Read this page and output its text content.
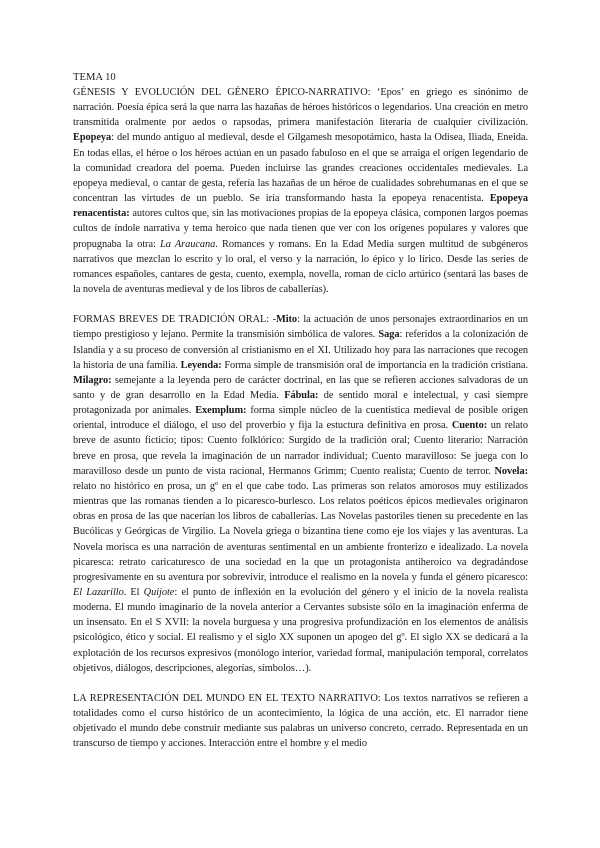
TEMA 10

GÉNESIS Y EVOLUCIÓN DEL GÉNERO ÉPICO-NARRATIVO: ‘Epos’ en griego es sinónimo de narración. Poesía épica será la que narra las hazañas de héroes históricos o legendarios. Una creación en metro transmitida oralmente por aedos o rapsodas, primera manifestación literaria de cualquier civilización. Epopeya: del mundo antiguo al medieval, desde el Gilgamesh mesopotámico, hasta la Odisea, Iliada, Eneida. En todas ellas, el héroe o los héroes actúan en un pasado fabuloso en el que se arraiga el origen legendario de la comunidad creadora del poema. Pueden incluirse las grandes creaciones occidentales medievales. La epopeya medieval, o cantar de gesta, refería las hazañas de un héroe de cualidades sobrehumanas en el que se concentran las virtudes de un pueblo. Se iría transformando hasta la epopeya renacentista. Epopeya renacentista: autores cultos que, sin las motivaciones propias de la epopeya clásica, componen largos poemas cultos de índole narrativa y tema heroico que nada tienen que ver con los orígenes populares y valores que propugnaba la otra: La Araucana. Romances y romans. En la Edad Media surgen multitud de subgéneros narrativos que mezclan lo escrito y lo oral, el verso y la narración, lo épico y lo lírico. Desde las series de romances españoles, cantares de gesta, cuento, exempla, novella, roman de ciclo artúrico (sentará las bases de la novela de aventuras medieval y de los libros de caballerías).

FORMAS BREVES DE TRADICIÓN ORAL: -Mito: la actuación de unos personajes extraordinarios en un tiempo prestigioso y lejano. Permite la transmisión simbólica de valores. Saga: referidos a la colonización de Islandia y a su proceso de conversión al cristianismo en el XI. Utilizado hoy para las narraciones que recogen la historia de una familia. Leyenda: Forma simple de transmisión oral de importancia en la tradición cristiana. Milagro: semejante a la leyenda pero de carácter doctrinal, en las que se refieren acciones salvadoras de un santo y de gran desarrollo en la Edad Media. Fábula: de sentido moral e intelectual, y casi siempre protagonizada por animales. Exemplum: forma simple núcleo de la cuentística medieval de posible origen oriental, introduce el diálogo, el uso del proverbio y fija la estuctura definitiva en prosa. Cuento: un relato breve de asunto ficticio; tipos: Cuento folklórico: Surgido de la tradición oral; Cuento literario: Narración breve en prosa, que revela la imaginación de un narrador individual; Cuento maravilloso: Se juega con lo maravilloso desde un punto de vista racional, Hermanos Grimm; Cuento realista; Cuento de terror. Novela: relato no histórico en prosa, un gº en el que cabe todo. Las primeras son relatos amorosos muy estilizados mientras que las romanas tienden a lo picaresco-burlesco. Los relatos poéticos épicos medievales originaron obras en prosa de las que nacerían los libros de caballerías. Las Novelas pastoriles tienen su precedente en las Bucólicas y Geórgicas de Virgilio. La Novela griega o bizantina tiene como eje los viajes y las aventuras. La Novela morisca es una narración de aventuras sentimental en un ambiente fronterizo e idealizado. La novela picaresca: retrato caricaturesco de una sociedad en la que un protagonista antiheroico va degradándose progresivamente en su aventura por sobrevivir, introduce el realismo en la novela y funda el género picaresco: El Lazarillo. El Quijote: el punto de inflexión en la evolución del género y el inicio de la novela realista moderna. El mundo imaginario de la novela anterior a Cervantes subsiste sólo en la imaginación enferma de un insensato. En el S XVII: la novela burguesa y una progresiva profundización en los elementos de análisis psicológico, ético y social. El realismo y el siglo XX suponen un apogeo del gº. El siglo XX se dedicará a la explotación de los recursos expresivos (monólogo interior, variedad formal, manipulación temporal, correlatos objetivos, diálogos, descripciones, alegorías, símbolos…).

LA REPRESENTACIÓN DEL MUNDO EN EL TEXTO NARRATIVO: Los textos narrativos se refieren a totalidades como el curso histórico de un acontecimiento, la lógica de una acción, etc. El narrador tiene objetivado el mundo debe construir mediante sus palabras un universo concreto, cerrado. Representada en un transcurso de tiempo y acciones. Interacción entre el hombre y el medio
